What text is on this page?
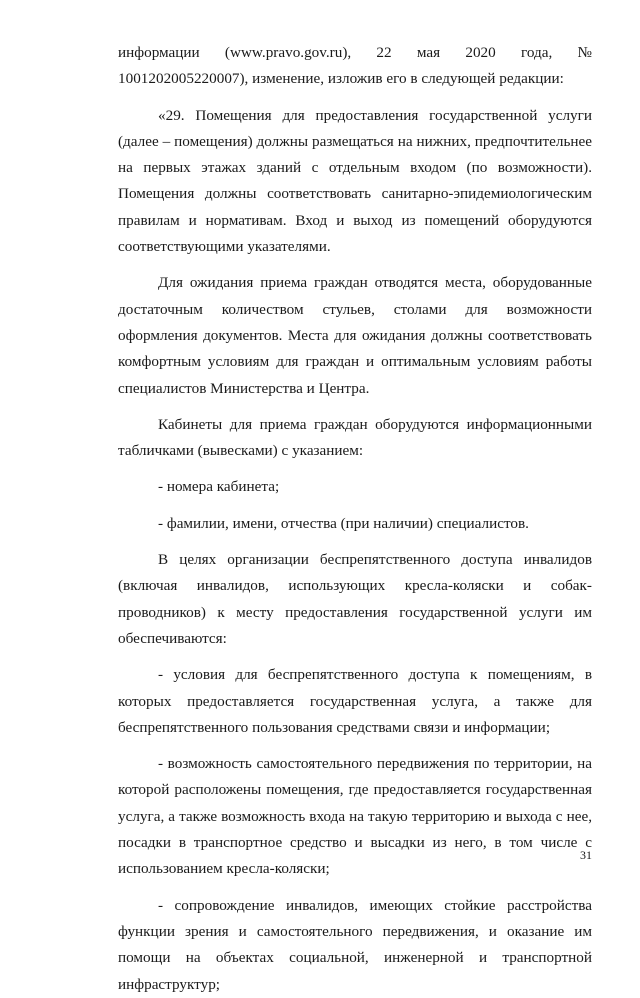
информации (www.pravo.gov.ru), 22 мая 2020 года, № 1001202005220007), изменение, изложив его в следующей редакции:

«29. Помещения для предоставления государственной услуги (далее – помещения) должны размещаться на нижних, предпочтительнее на первых этажах зданий с отдельным входом (по возможности). Помещения должны соответствовать санитарно-эпидемиологическим правилам и нормативам. Вход и выход из помещений оборудуются соответствующими указателями.

Для ожидания приема граждан отводятся места, оборудованные достаточным количеством стульев, столами для возможности оформления документов. Места для ожидания должны соответствовать комфортным условиям для граждан и оптимальным условиям работы специалистов Министерства и Центра.

Кабинеты для приема граждан оборудуются информационными табличками (вывесками) с указанием:

- номера кабинета;

- фамилии, имени, отчества (при наличии) специалистов.

В целях организации беспрепятственного доступа инвалидов (включая инвалидов, использующих кресла-коляски и собак-проводников) к месту предоставления государственной услуги им обеспечиваются:

- условия для беспрепятственного доступа к помещениям, в которых предоставляется государственная услуга, а также для беспрепятственного пользования средствами связи и информации;

- возможность самостоятельного передвижения по территории, на которой расположены помещения, где предоставляется государственная услуга, а также возможность входа на такую территорию и выхода с нее, посадки в транспортное средство и высадки из него, в том числе с использованием кресла-коляски;

- сопровождение инвалидов, имеющих стойкие расстройства функции зрения и самостоятельного передвижения, и оказание им помощи на объектах социальной, инженерной и транспортной инфраструктур;

31
